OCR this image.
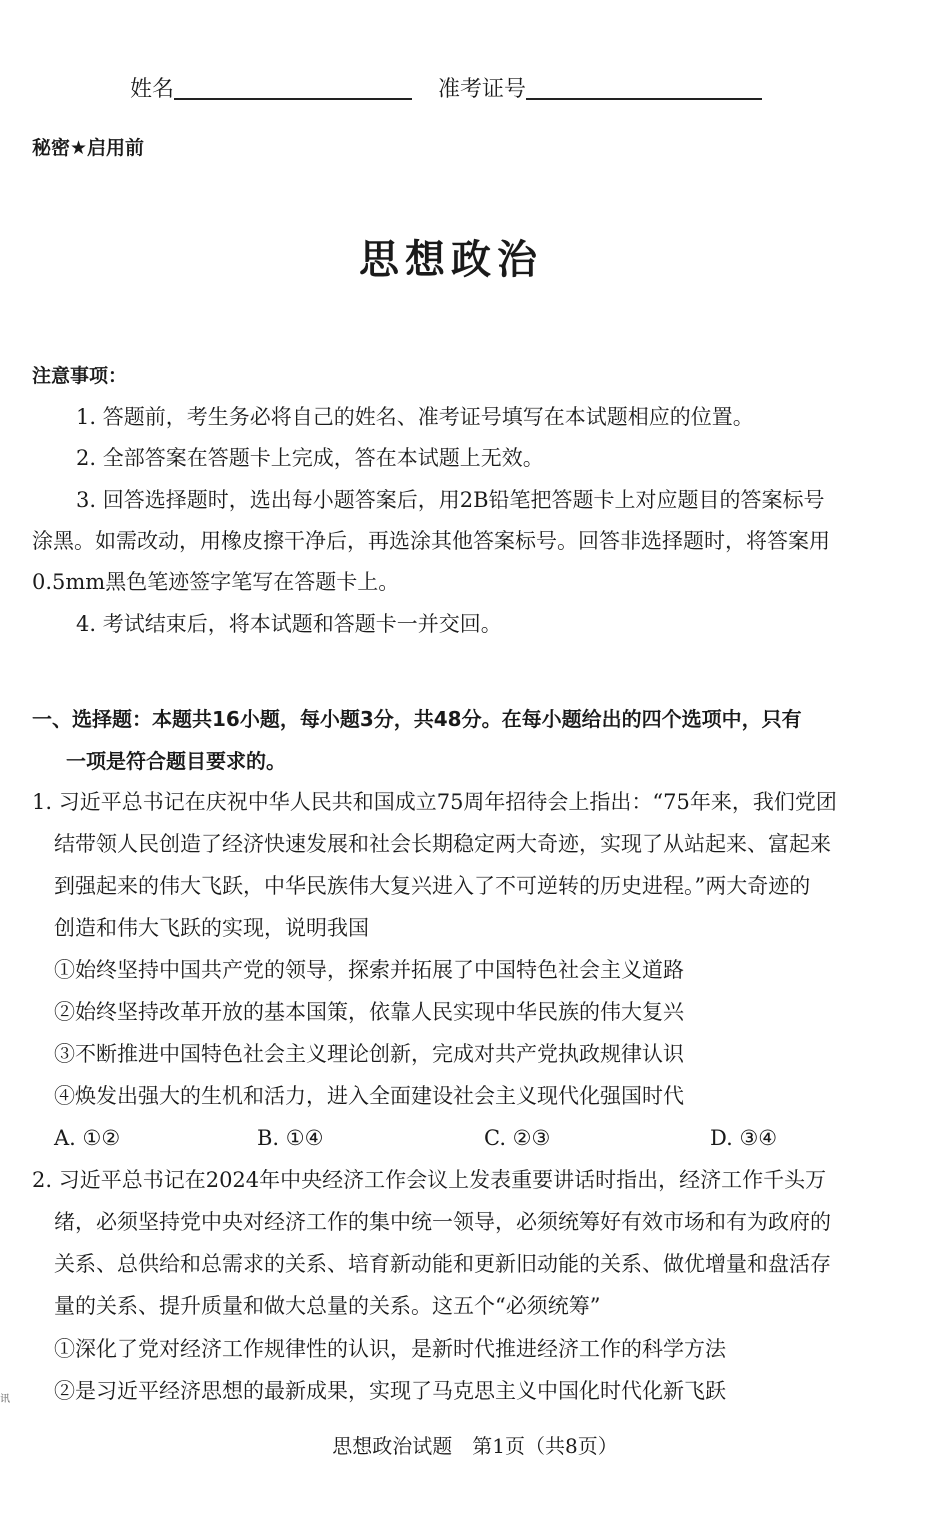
姓名	准考证号
秘密★启用前
思想政治
注意事项：
1. 答题前，考生务必将自己的姓名、准考证号填写在本试题相应的位置。
2. 全部答案在答题卡上完成，答在本试题上无效。
3. 回答选择题时，选出每小题答案后，用2B铅笔把答题卡上对应题目的答案标号
涂黑。如需改动，用橡皮擦干净后，再选涂其他答案标号。回答非选择题时，将答案用
0.5mm黑色笔迹签字笔写在答题卡上。
4. 考试结束后，将本试题和答题卡一并交回。
一、选择题：本题共16小题，每小题3分，共48分。在每小题给出的四个选项中，只有
一项是符合题目要求的。
1. 习近平总书记在庆祝中华人民共和国成立75周年招待会上指出：“75年来，我们党团
结带领人民创造了经济快速发展和社会长期稳定两大奇迹，实现了从站起来、富起来
到强起来的伟大飞跃，中华民族伟大复兴进入了不可逆转的历史进程。”两大奇迹的
创造和伟大飞跃的实现，说明我国
①始终坚持中国共产党的领导，探索并拓展了中国特色社会主义道路
②始终坚持改革开放的基本国策，依靠人民实现中华民族的伟大复兴
③不断推进中国特色社会主义理论创新，完成对共产党执政规律认识
④焕发出强大的生机和活力，进入全面建设社会主义现代化强国时代
A. ①②	B. ①④	C. ②③	D. ③④
2. 习近平总书记在2024年中央经济工作会议上发表重要讲话时指出，经济工作千头万
绪，必须坚持党中央对经济工作的集中统一领导，必须统筹好有效市场和有为政府的
关系、总供给和总需求的关系、培育新动能和更新旧动能的关系、做优增量和盘活存
量的关系、提升质量和做大总量的关系。这五个“必须统筹”
①深化了党对经济工作规律性的认识，是新时代推进经济工作的科学方法
②是习近平经济思想的最新成果，实现了马克思主义中国化时代化新飞跃
讯
思想政治试题　第1页（共8页）
